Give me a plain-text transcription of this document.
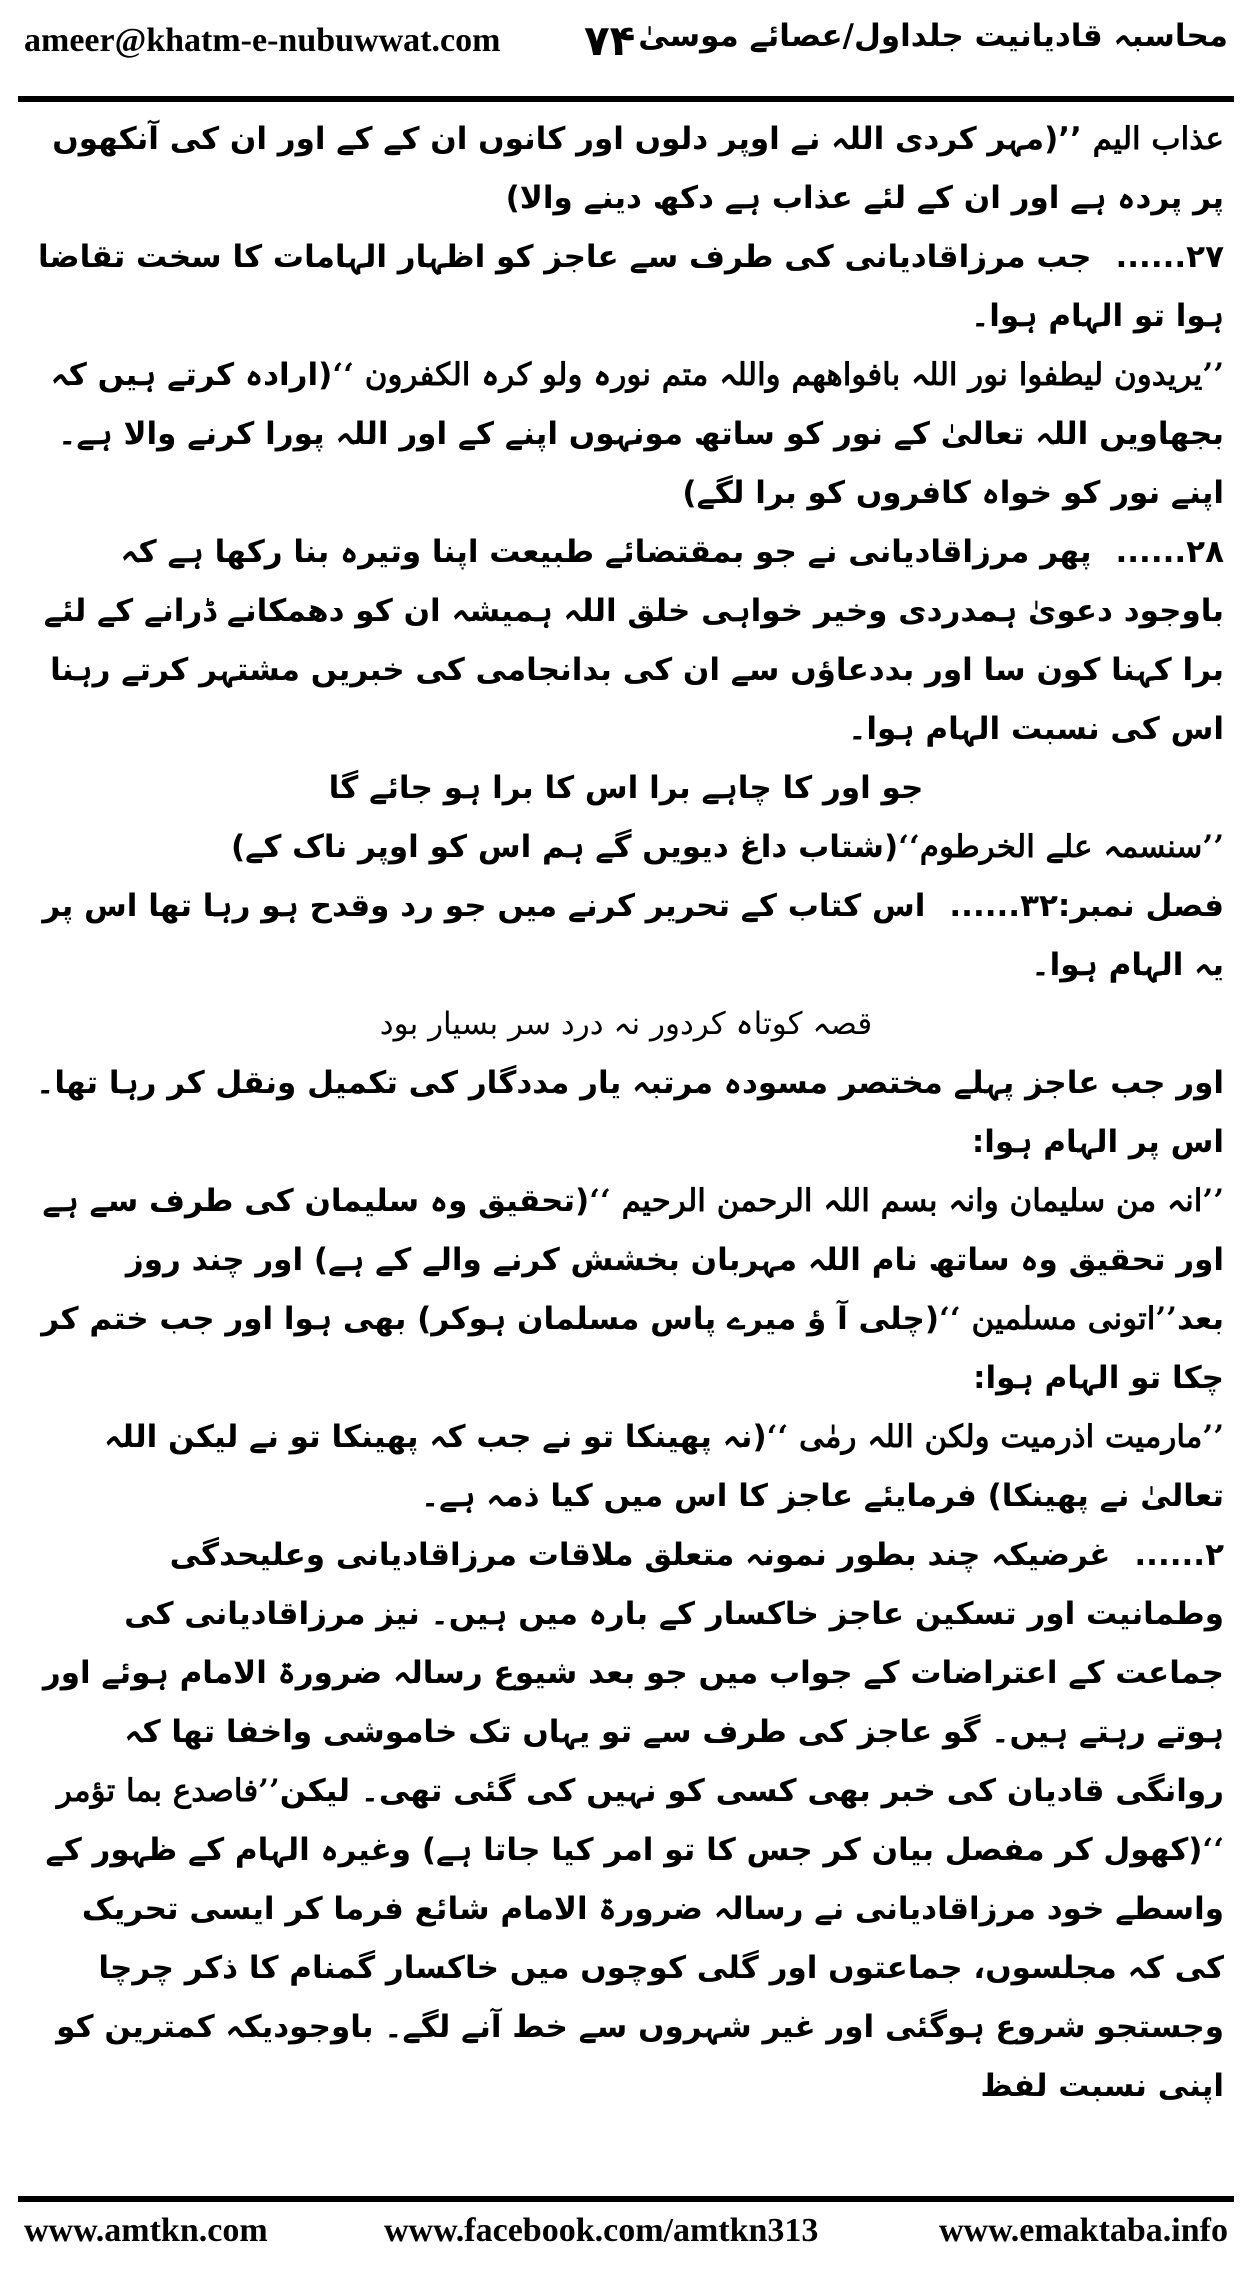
ameer@khatm-e-nubuwwat.com ۷۴ محاسبہ قادیانیت جلداول/عصائے موسیٰ

عذاب الیم ’’(مہر کردی اللہ نے اوپر دلوں اور کانوں ان کے کے اور ان کی آنکھوں پر پردہ ہے اور ان کے لئے عذاب ہے دکھ دینے والا)

۲۷......جب مرزاقادیانی کی طرف سے عاجز کو اظہار الہامات کا سخت تقاضا ہوا تو الہام ہوا۔

’’یریدون لیطفوا نور اللہ بافواھھم واللہ متم نورہ ولو کرہ الکفرون ‘‘(ارادہ کرتے ہیں کہ بجھاویں اللہ تعالیٰ کے نور کو ساتھ مونہوں اپنے کے اور اللہ پورا کرنے والا ہے۔ اپنے نور کو خواہ کافروں کو برا لگے)

۲۸......پھر مرزاقادیانی نے جو بمقتضائے طبیعت اپنا وتیرہ بنا رکھا ہے کہ باوجود دعویٰ ہمدردی وخیر خواہی خلق اللہ ہمیشہ ان کو دھمکانے ڈرانے کے لئے برا کہنا کون سا اور بددعاؤں سے ان کی بدانجامی کی خبریں مشتہر کرتے رہنا اس کی نسبت الہام ہوا۔

جو اور کا چاہے برا اس کا برا ہو جائے گا

’’سنسمہ علے الخرطوم‘‘(شتاب داغ دیویں گے ہم اس کو اوپر ناک کے)

فصل نمبر:۳۲......اس کتاب کے تحریر کرنے میں جو رد وقدح ہو رہا تھا اس پر یہ الہام ہوا۔

قصہ کوتاہ کردور نہ درد سر بسیار بود

اور جب عاجز پہلے مختصر مسودہ مرتبہ یار مددگار کی تکمیل ونقل کر رہا تھا۔ اس پر الہام ہوا:

’’انہ من سلیمان وانہ بسم اللہ الرحمن الرحیم ‘‘(تحقیق وہ سلیمان کی طرف سے ہے اور تحقیق وہ ساتھ نام اللہ مہربان بخشش کرنے والے کے ہے) اور چند روز بعد’’اتونی مسلمین ‘‘(چلی آ ؤ میرے پاس مسلمان ہوکر) بھی ہوا اور جب ختم کر چکا تو الہام ہوا:

’’مارمیت اذرمیت ولکن اللہ رمٰی ‘‘(نہ پھینکا تو نے جب کہ پھینکا تو نے لیکن اللہ تعالیٰ نے پھینکا) فرمایئے عاجز کا اس میں کیا ذمہ ہے۔

۲......غرضیکہ چند بطور نمونہ متعلق ملاقات مرزاقادیانی وعلیحدگی وطمانیت اور تسکین عاجز خاکسار کے بارہ میں ہیں۔ نیز مرزاقادیانی کی جماعت کے اعتراضات کے جواب میں جو بعد شیوع رسالہ ضرورۃ الامام ہوئے اور ہوتے رہتے ہیں۔ گو عاجز کی طرف سے تو یہاں تک خاموشی واخفا تھا کہ روانگی قادیان کی خبر بھی کسی کو نہیں کی گئی تھی۔ لیکن’’فاصدع بما تؤمر ‘‘(کھول کر مفصل بیان کر جس کا تو امر کیا جاتا ہے) وغیرہ الہام کے ظہور کے واسطے خود مرزاقادیانی نے رسالہ ضرورۃ الامام شائع فرما کر ایسی تحریک کی کہ مجلسوں، جماعتوں اور گلی کوچوں میں خاکسار گمنام کا ذکر چرچا وجستجو شروع ہوگئی اور غیر شہروں سے خط آنے لگے۔ باوجودیکہ کمترین کو اپنی نسبت لفظ

www.amtkn.com	www.facebook.com/amtkn313	www.emaktaba.info
